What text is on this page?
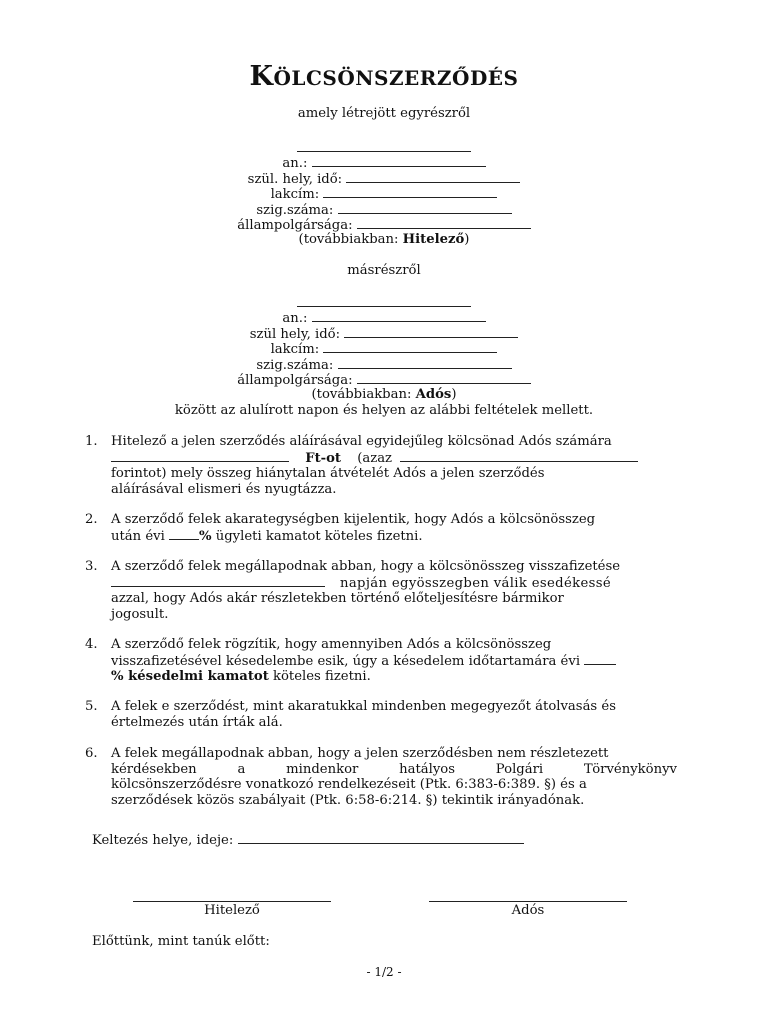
KÖLCSÖNSZERZŐDÉS
amely létrejött egyrészről
an.:
szül. hely, idő:
lakcím:
szig.száma:
állampolgársága:
(továbbiakban: Hitelező)
másrészről
an.:
szül hely, idő:
lakcím:
szig.száma:
állampolgársága:
(továbbiakban: Adós)
között az alulírott napon és helyen az alábbi feltételek mellett.
1. Hitelező a jelen szerződés aláírásával egyidejűleg kölcsönad Adós számára
Ft-ot (azaz
forintot) mely összeg hiánytalan átvételét Adós a jelen szerződés
aláírásával elismeri és nyugtázza.
2. A szerződő felek akarategységben kijelentik, hogy Adós a kölcsönösszeg
után évi % ügyleti kamatot köteles fizetni.
3. A szerződő felek megállapodnak abban, hogy a kölcsönösszeg visszafizetése
napján egyösszegben válik esedékessé
azzal, hogy Adós akár részletekben történő előteljesítésre bármikor
jogosult.
4. A szerződő felek rögzítik, hogy amennyiben Adós a kölcsönösszeg
visszafizetésével késedelembe esik, úgy a késedelem időtartamára évi
% késedelmi kamatot köteles fizetni.
5. A felek e szerződést, mint akaratukkal mindenben megegyezőt átolvasás és
értelmezés után írták alá.
6. A felek megállapodnak abban, hogy a jelen szerződésben nem részletezett
kérdésekben a mindenkor hatályos Polgári Törvénykönyv
kölcsönszerződésre vonatkozó rendelkezéseit (Ptk. 6:383-6:389. §) és a
szerződések közös szabályait (Ptk. 6:58-6:214. §) tekintik irányadónak.
Keltezés helye, ideje:
Hitelező	Adós
Előttünk, mint tanúk előtt:
- 1/2 -
